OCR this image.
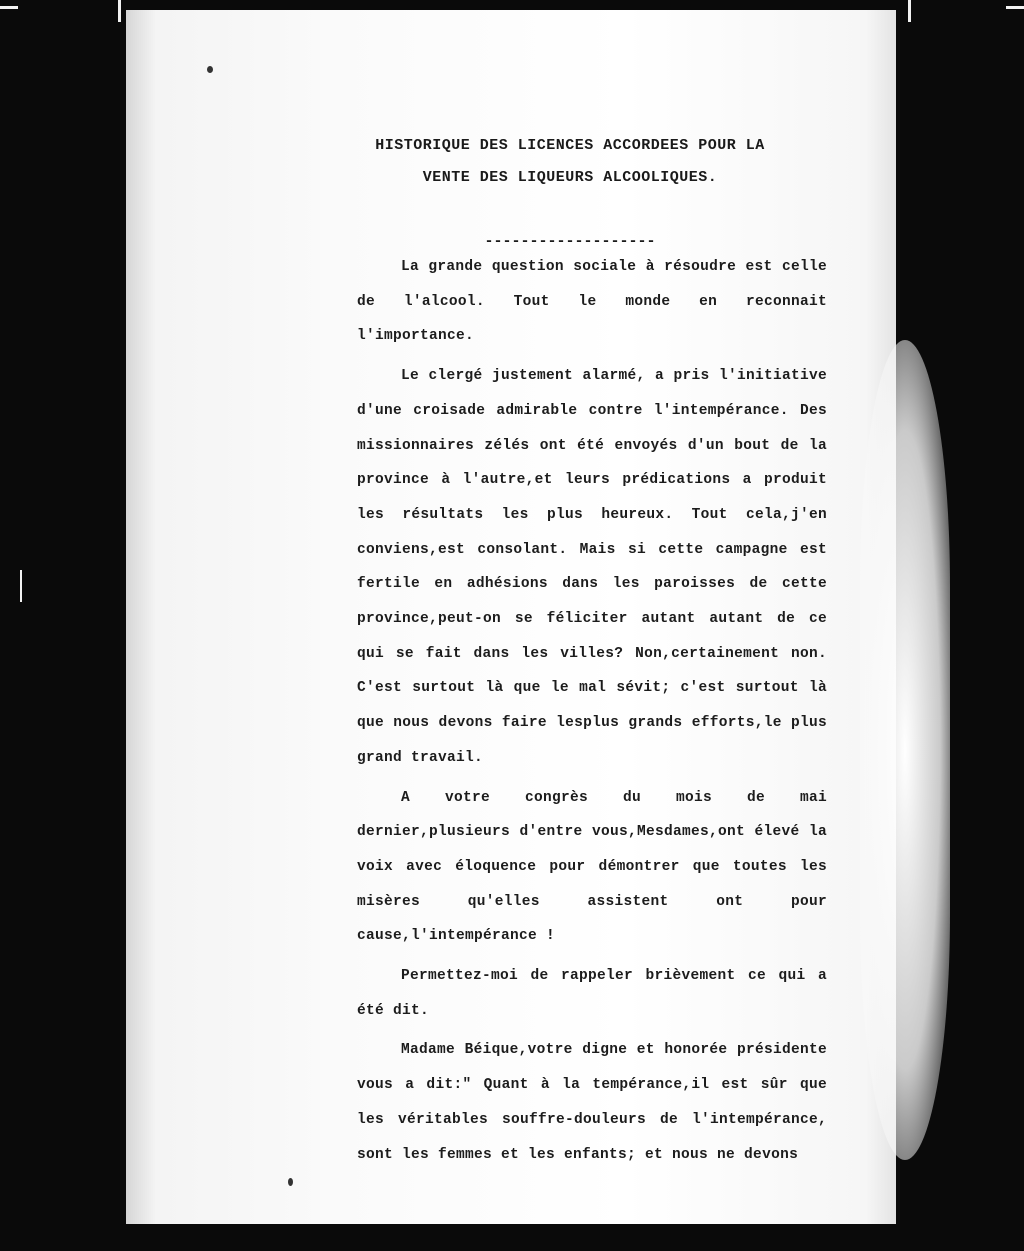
HISTORIQUE DES LICENCES ACCORDEES POUR LA
VENTE DES LIQUEURS ALCOOLIQUES.
-------------------

La grande question sociale à résoudre est celle de l'alcool. Tout le monde en reconnait l'importance.

Le clergé justement alarmé, a pris l'initiative d'une croisade admirable contre l'intempérance. Des missionnaires zélés ont été envoyés d'un bout de la province à l'autre,et leurs prédications a produit les résultats les plus heureux. Tout cela,j'en conviens,est consolant. Mais si cette campagne est fertile en adhésions dans les paroisses de cette province,peut-on se féliciter autant autant de ce qui se fait dans les villes? Non,certainement non. C'est surtout là que le mal sévit; c'est surtout là que nous devons faire lesplus grands efforts,le plus grand travail.

A votre congrès du mois de mai dernier,plusieurs d'entre vous,Mesdames,ont élevé la voix avec éloquence pour démontrer que toutes les misères qu'elles assistent ont pour cause,l'intempérance !

Permettez-moi de rappeler brièvement ce qui a été dit.

Madame Béique,votre digne et honorée présidente vous a dit:" Quant à la tempérance,il est sûr que les véritables souffre-douleurs de l'intempérance, sont les femmes et les enfants; et nous ne devons
